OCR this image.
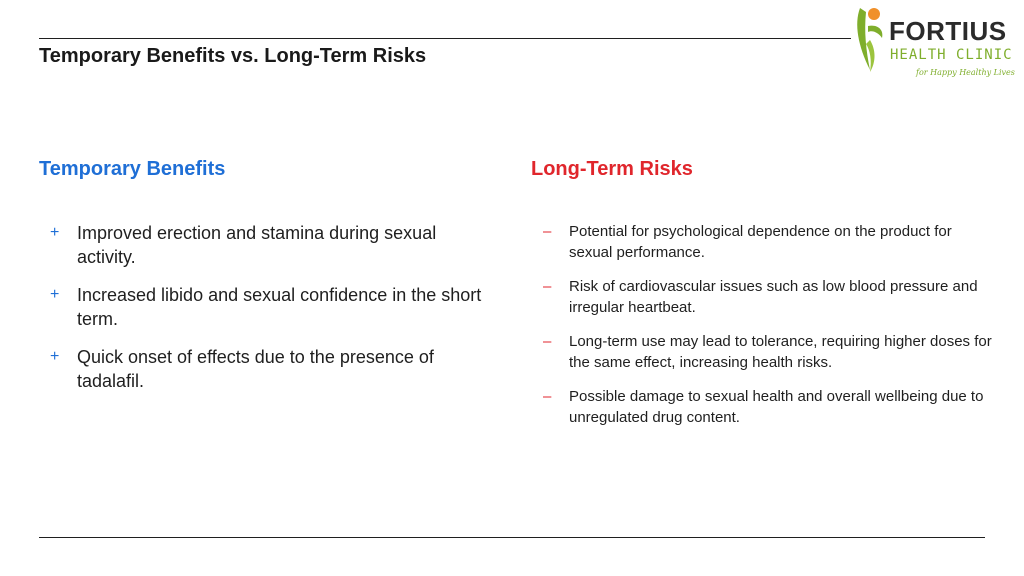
Temporary Benefits vs. Long-Term Risks
FORTIUS
HEALTH CLINIC
for Happy Healthy Lives
Temporary Benefits	Long-Term Risks
+ Improved erection and stamina during sexual activity.
+ Increased libido and sexual confidence in the short term.
+ Quick onset of effects due to the presence of tadalafil.
– Potential for psychological dependence on the product for sexual performance.
– Risk of cardiovascular issues such as low blood pressure and irregular heartbeat.
– Long-term use may lead to tolerance, requiring higher doses for the same effect, increasing health risks.
– Possible damage to sexual health and overall wellbeing due to unregulated drug content.
